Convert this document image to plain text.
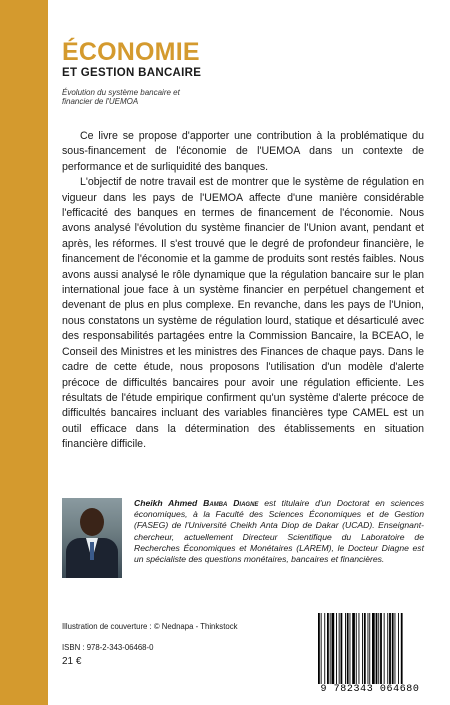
ÉCONOMIE
ET GESTION BANCAIRE
Évolution du système bancaire et financier de l'UEMOA

Ce livre se propose d'apporter une contribution à la problématique du sous-financement de l'économie de l'UEMOA dans un contexte de performance et de surliquidité des banques.

L'objectif de notre travail est de montrer que le système de régulation en vigueur dans les pays de l'UEMOA affecte d'une manière considérable l'efficacité des banques en termes de financement de l'économie. Nous avons analysé l'évolution du système financier de l'Union avant, pendant et après, les réformes. Il s'est trouvé que le degré de profondeur financière, le financement de l'économie et la gamme de produits sont restés faibles. Nous avons aussi analysé le rôle dynamique que la régulation bancaire sur le plan international joue face à un système financier en perpétuel changement et devenant de plus en plus complexe. En revanche, dans les pays de l'Union, nous constatons un système de régulation lourd, statique et désarticulé avec des responsabilités partagées entre la Commission Bancaire, la BCEAO, le Conseil des Ministres et les ministres des Finances de chaque pays. Dans le cadre de cette étude, nous proposons l'utilisation d'un modèle d'alerte précoce de difficultés bancaires pour avoir une régulation efficiente. Les résultats de l'étude empirique confirment qu'un système d'alerte précoce de difficultés bancaires incluant des variables financières type CAMEL est un outil efficace dans la détermination des établissements en situation financière difficile.

Cheikh Ahmed Bamba Diagne est titulaire d'un Doctorat en sciences économiques, à la Faculté des Sciences Économiques et de Gestion (FASEG) de l'Université Cheikh Anta Diop de Dakar (UCAD). Enseignant-chercheur, actuellement Directeur Scientifique du Laboratoire de Recherches Économiques et Monétaires (LAREM), le Docteur Diagne est un spécialiste des questions monétaires, bancaires et financières.
Illustration de couverture : © Nednapa - Thinkstock
ISBN : 978-2-343-06468-0
21 €
9 782343 064680
